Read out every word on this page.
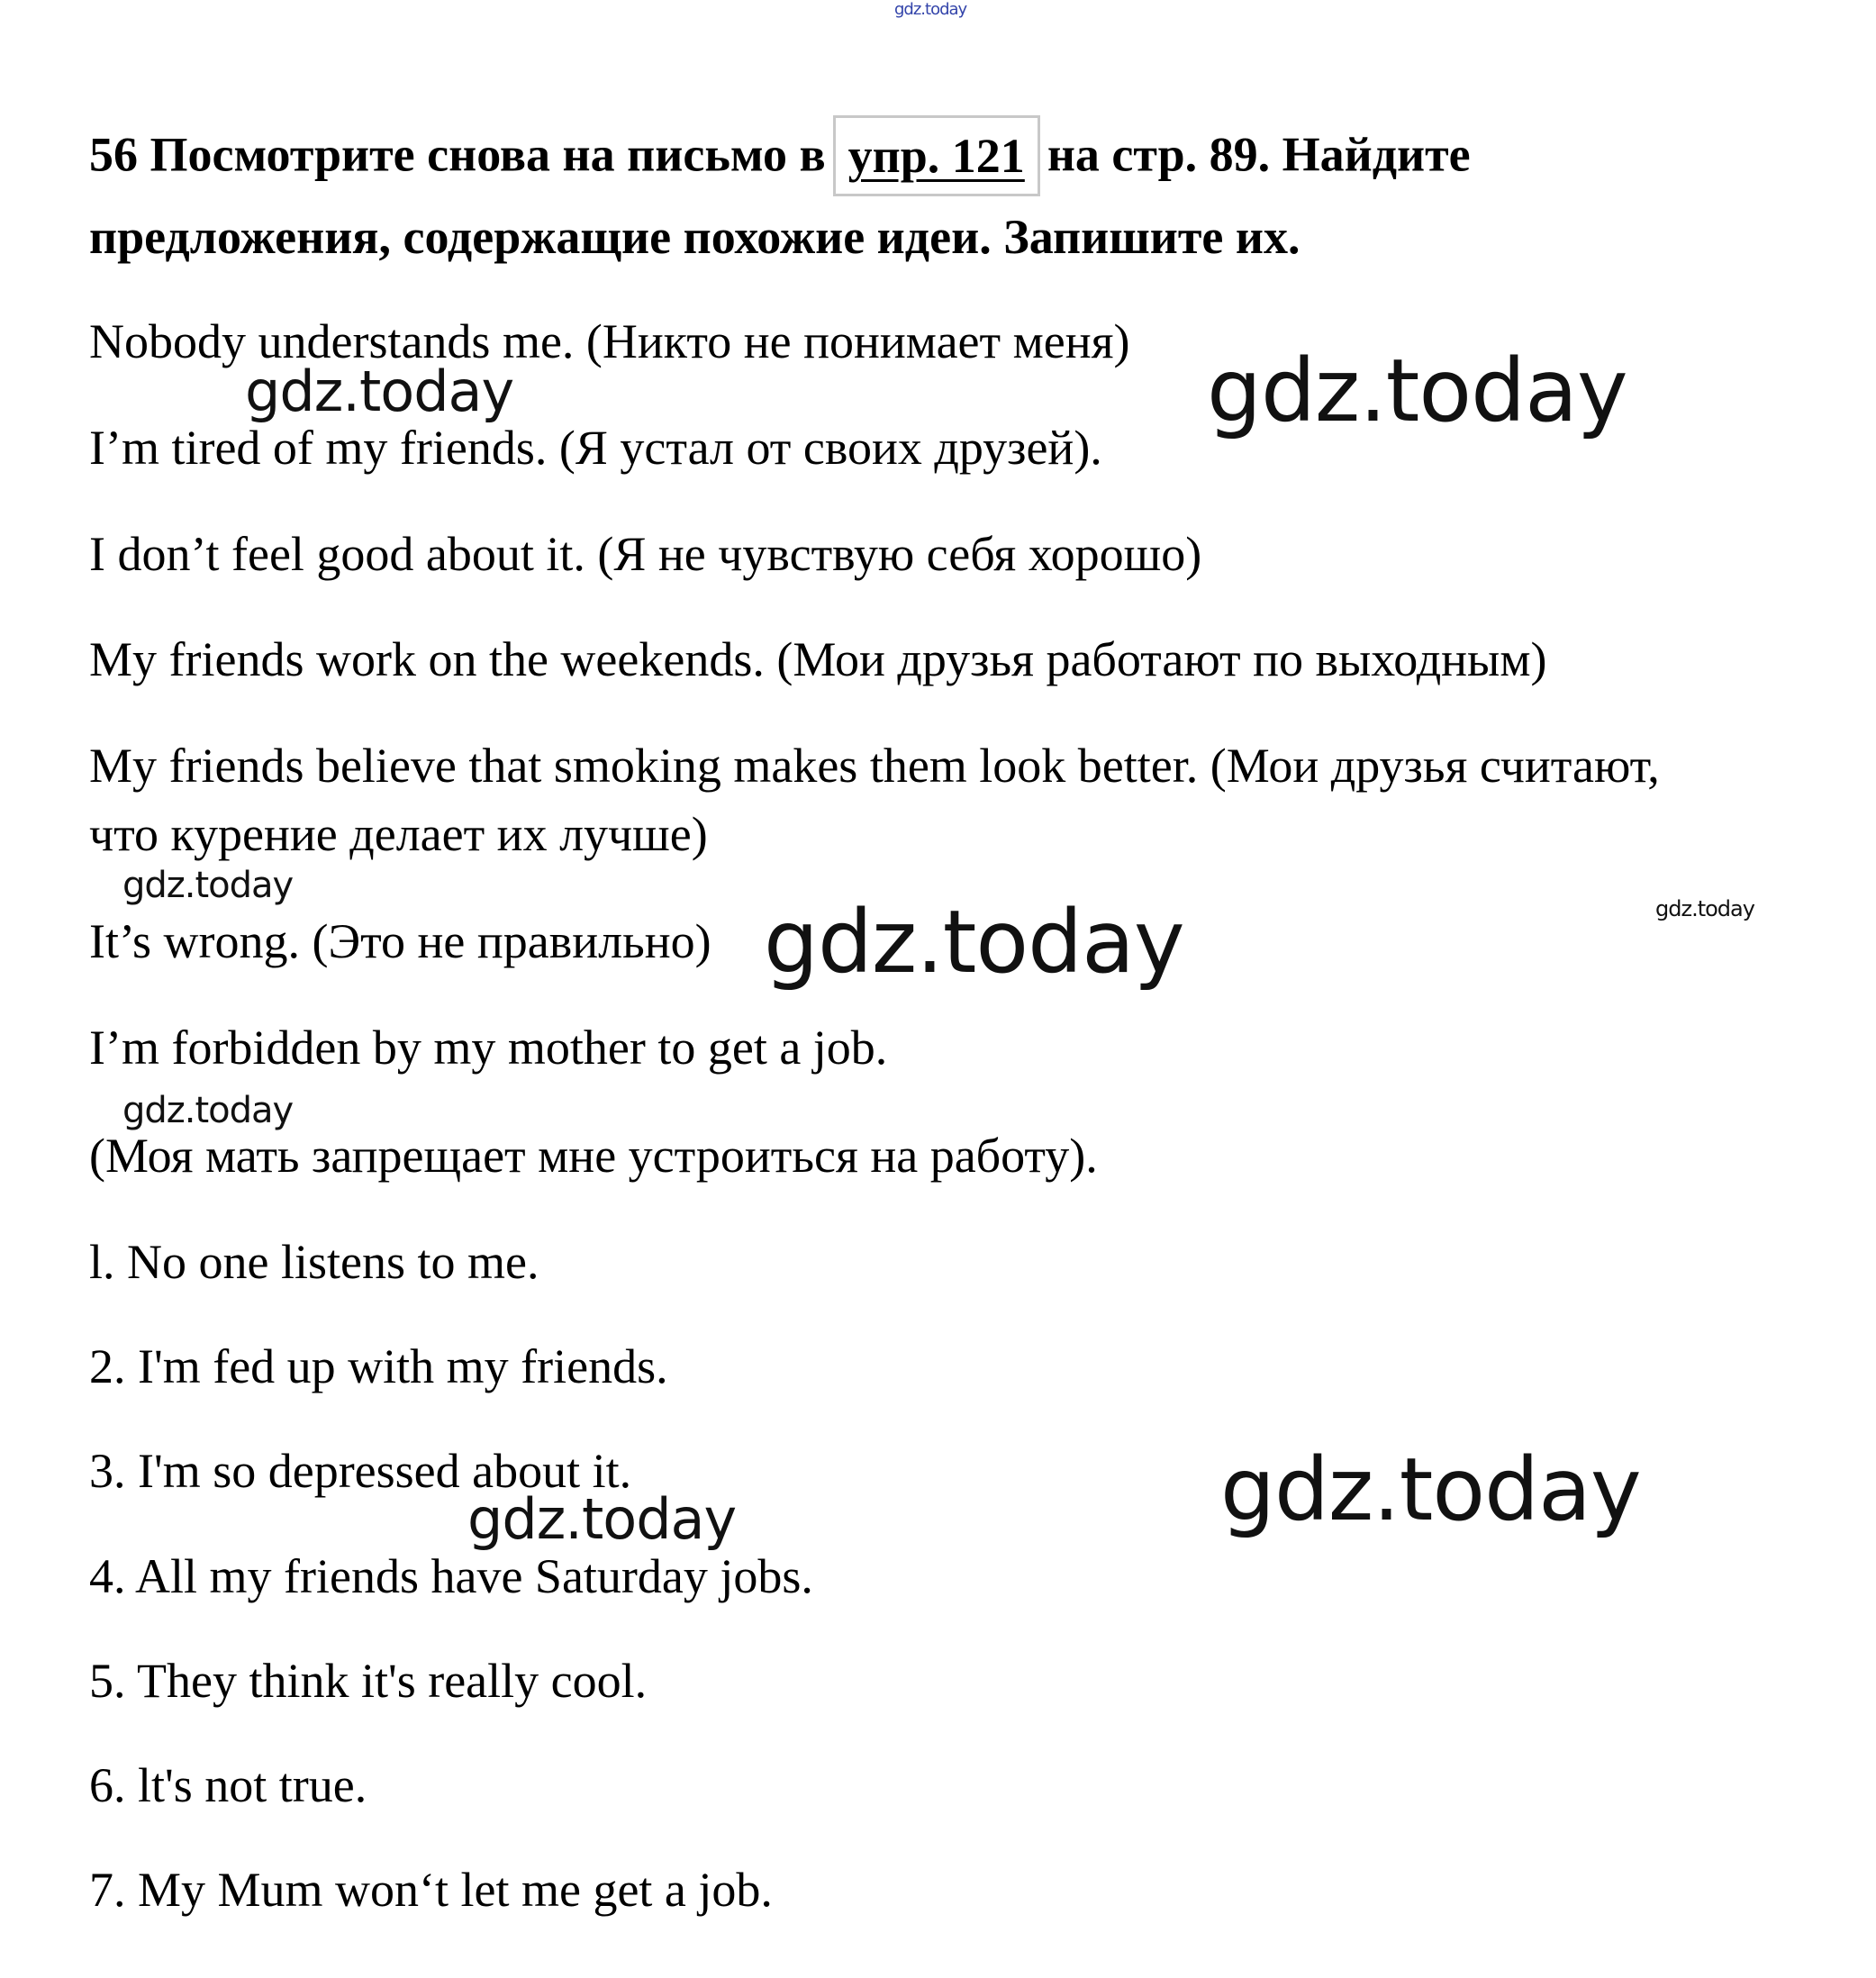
gdz.today

gdz.today	gdz.today

gdz.today

gdz.today	gdz.today

gdz.today

gdz.today	gdz.today

56 Посмотрите снова на письмо в упр. 121 на стр. 89. Найдите

предложения, содержащие похожие идеи. Запишите их.

Nobody understands me. (Никто не понимает меня)

I’m tired of my friends. (Я устал от своих друзей).

I don’t feel good about it. (Я не чувствую себя хорошо)

My friends work on the weekends. (Мои друзья работают по выходным)

My friends believe that smoking makes them look better. (Мои друзья считают,

что курение делает их лучше)

It’s wrong. (Это не правильно)

I’m forbidden by my mother to get a job.

(Моя мать запрещает мне устроиться на работу).

l. No one listens to me.

2. I'm fed up with my friends.

3. I'm so depressed about it.

4. All my friends have Saturday jobs.

5. They think it's really cool.

6. lt's not true.

7. My Mum won‘t let me get a job.
